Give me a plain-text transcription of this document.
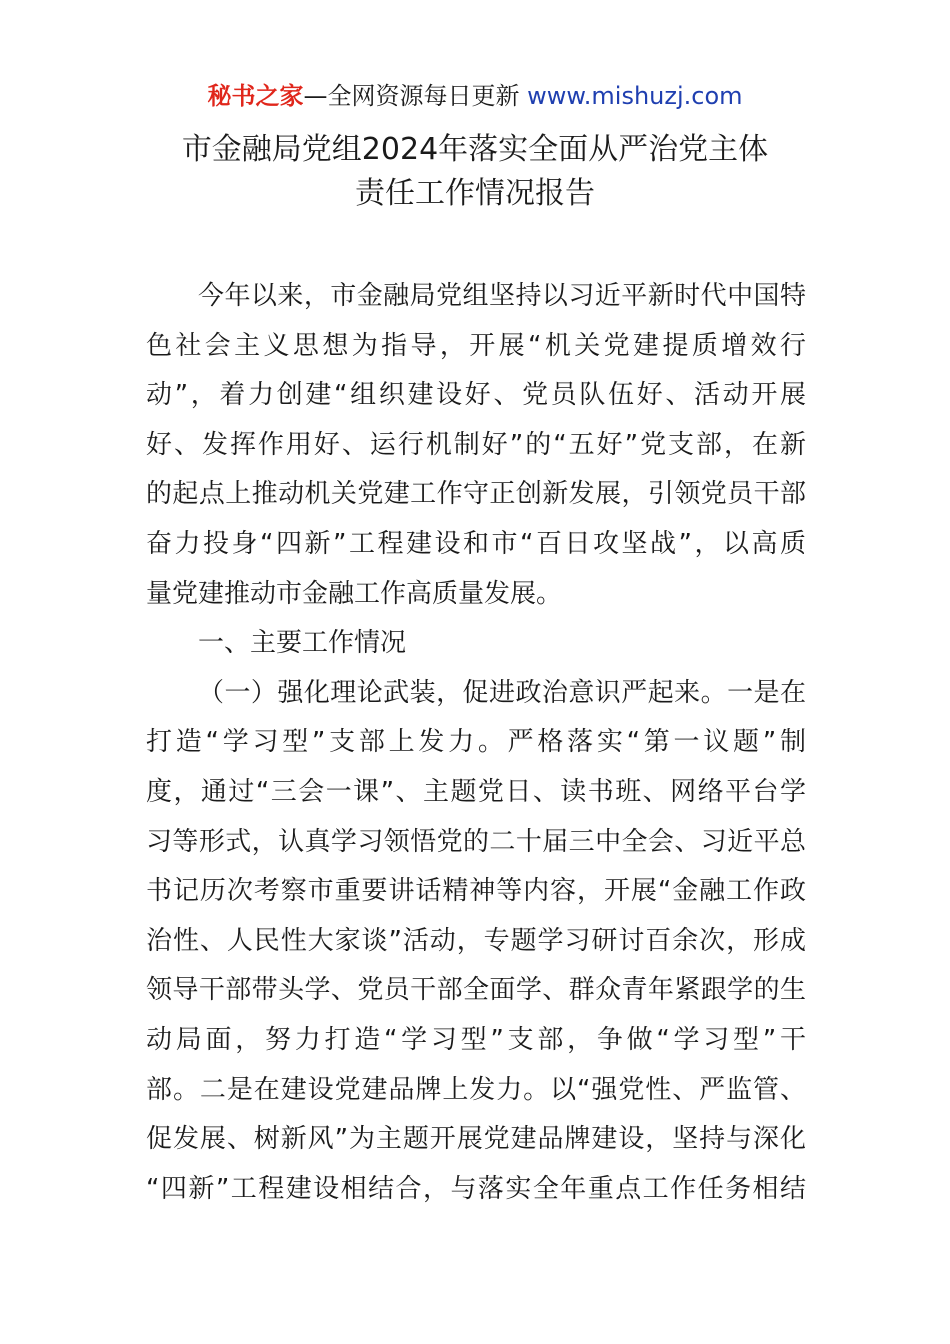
秘书之家—全网资源每日更新 www.mishuzj.com
市金融局党组2024年落实全面从严治党主体
责任工作情况报告
今年以来，市金融局党组坚持以习近平新时代中国特
色社会主义思想为指导，开展“机关党建提质增效行
动”，着力创建“组织建设好、党员队伍好、活动开展
好、发挥作用好、运行机制好”的“五好”党支部，在新
的起点上推动机关党建工作守正创新发展，引领党员干部
奋力投身“四新”工程建设和市“百日攻坚战”，以高质
量党建推动市金融工作高质量发展。
一、主要工作情况
（一）强化理论武装，促进政治意识严起来。一是在
打造“学习型”支部上发力。严格落实“第一议题”制
度，通过“三会一课”、主题党日、读书班、网络平台学
习等形式，认真学习领悟党的二十届三中全会、习近平总
书记历次考察市重要讲话精神等内容，开展“金融工作政
治性、人民性大家谈”活动，专题学习研讨百余次，形成
领导干部带头学、党员干部全面学、群众青年紧跟学的生
动局面，努力打造“学习型”支部，争做“学习型”干
部。二是在建设党建品牌上发力。以“强党性、严监管、
促发展、树新风”为主题开展党建品牌建设，坚持与深化
“四新”工程建设相结合，与落实全年重点工作任务相结
